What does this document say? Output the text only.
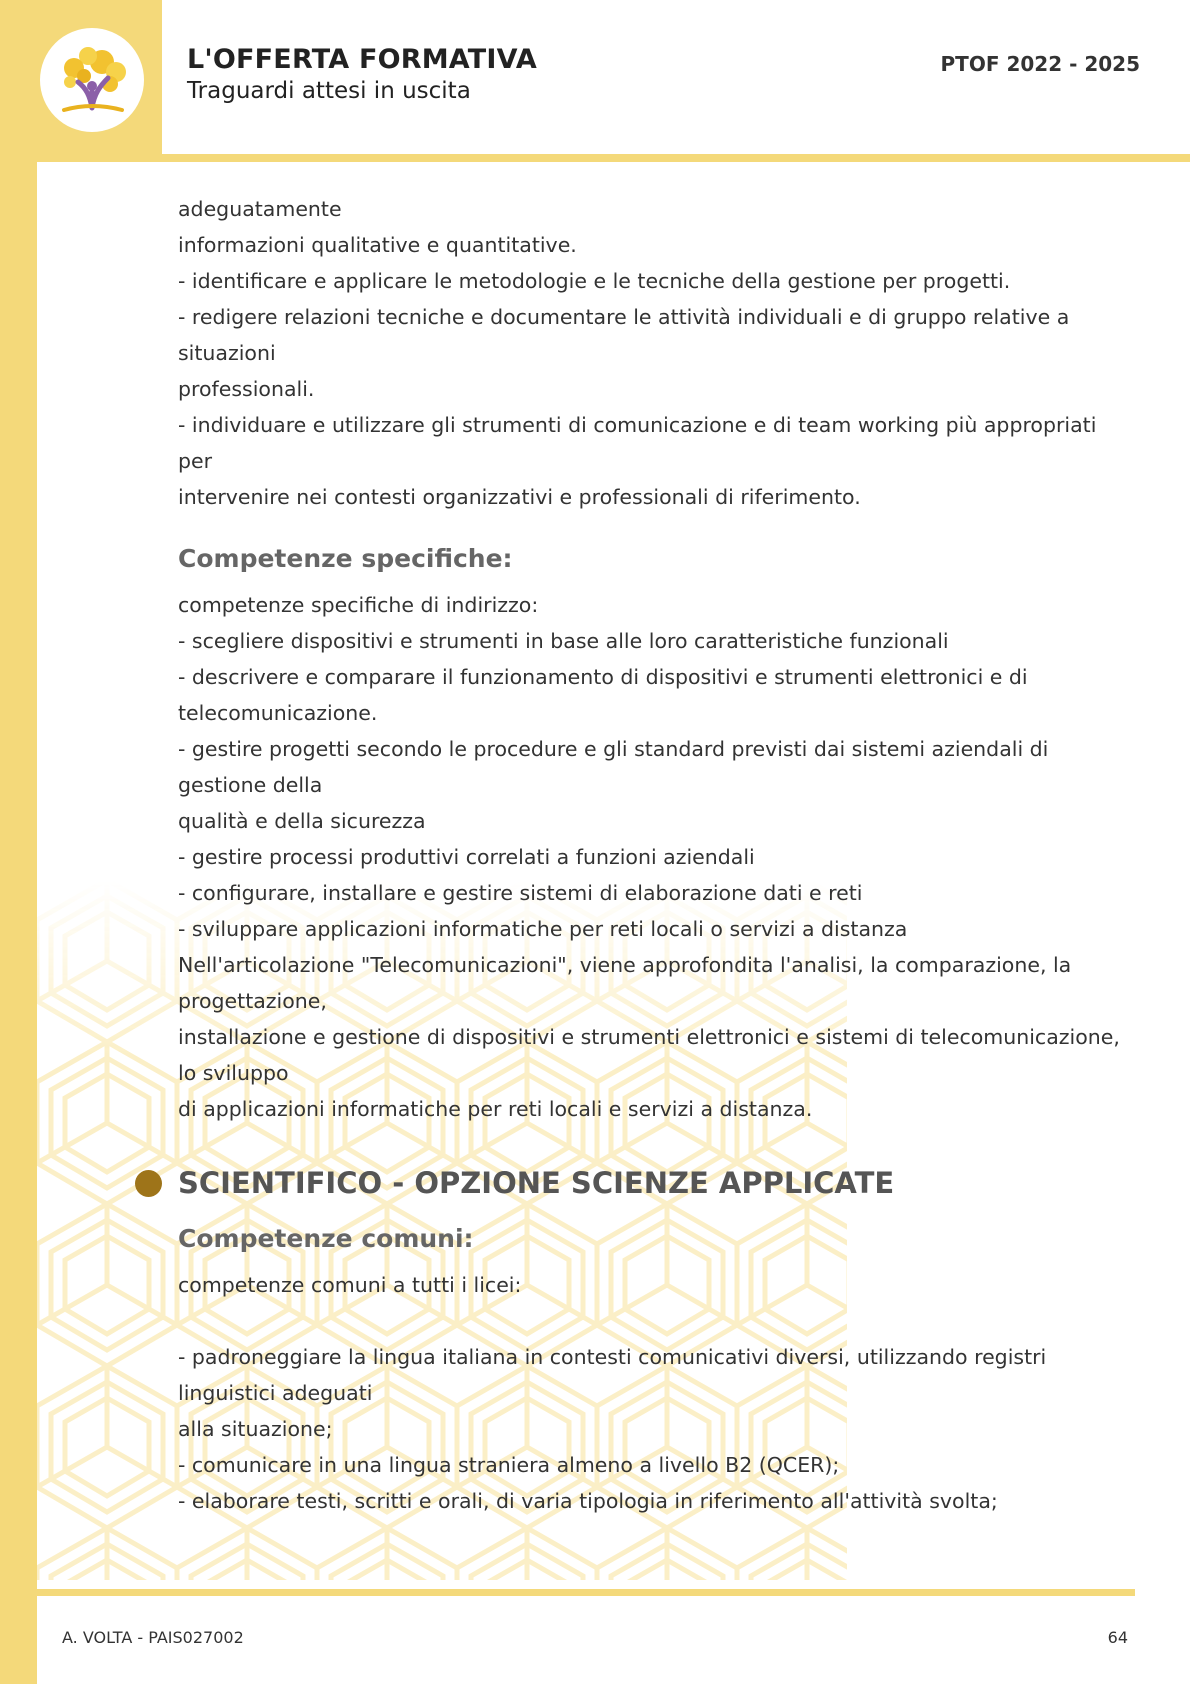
L'OFFERTA FORMATIVA
Traguardi attesi in uscita
PTOF 2022 - 2025
adeguatamente
informazioni qualitative e quantitative.
- identificare e applicare le metodologie e le tecniche della gestione per progetti.
- redigere relazioni tecniche e documentare le attività individuali e di gruppo relative a
situazioni
professionali.
- individuare e utilizzare gli strumenti di comunicazione e di team working più appropriati
per
intervenire nei contesti organizzativi e professionali di riferimento.
Competenze specifiche:
competenze specifiche di indirizzo:
- scegliere dispositivi e strumenti in base alle loro caratteristiche funzionali
- descrivere e comparare il funzionamento di dispositivi e strumenti elettronici e di
telecomunicazione.
- gestire progetti secondo le procedure e gli standard previsti dai sistemi aziendali di
gestione della
qualità e della sicurezza
- gestire processi produttivi correlati a funzioni aziendali
- configurare, installare e gestire sistemi di elaborazione dati e reti
- sviluppare applicazioni informatiche per reti locali o servizi a distanza
Nell'articolazione "Telecomunicazioni", viene approfondita l'analisi, la comparazione, la
progettazione,
installazione e gestione di dispositivi e strumenti elettronici e sistemi di telecomunicazione,
lo sviluppo
di applicazioni informatiche per reti locali e servizi a distanza.
SCIENTIFICO - OPZIONE SCIENZE APPLICATE
Competenze comuni:
competenze comuni a tutti i licei:
- padroneggiare la lingua italiana in contesti comunicativi diversi, utilizzando registri
linguistici adeguati
alla situazione;
- comunicare in una lingua straniera almeno a livello B2 (QCER);
- elaborare testi, scritti e orali, di varia tipologia in riferimento all'attività svolta;
A. VOLTA - PAIS027002	64
